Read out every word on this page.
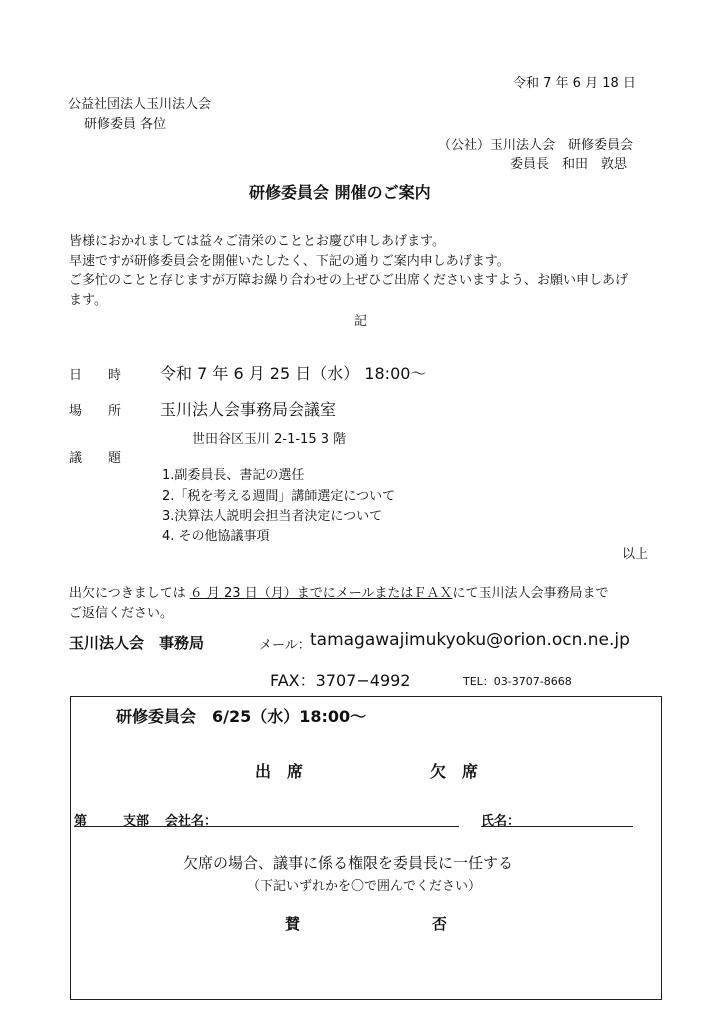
令和 7 年 6 月 18 日
公益社団法人玉川法人会
研修委員 各位
（公社）玉川法人会　研修委員会
委員長　和田　敦思
研修委員会 開催のご案内
皆様におかれましては益々ご清栄のこととお慶び申しあげます。
早速ですが研修委員会を開催いたしたく、下記の通りご案内申しあげます。
ご多忙のことと存じますが万障お繰り合わせの上ぜひご出席くださいますよう、お願い申しあげ
ます。
記
日　　時 令和 7 年 6 月 25 日（水） 18:00～
場　　所 玉川法人会事務局会議室
世田谷区玉川 2-1-15 3 階
議　　題
1.副委員長、書記の選任
2.「税を考える週間」講師選定について
3.決算法人説明会担当者決定について
4. その他協議事項
以上
出欠につきましては ６ 月 23 日（月）までにメールまたはＦＡＸにて玉川法人会事務局まで
ご返信ください。
玉川法人会　事務局	メール： tamagawajimukyoku@orion.ocn.ne.jp
FAX：3707−4992	TEL：03-3707-8668
研修委員会　6/25（水）18:00～
出　席	欠　席
第	支部 会社名：	氏名：
欠席の場合、議事に係る権限を委員長に一任する
（下記いずれかを〇で囲んでください）
賛	否
